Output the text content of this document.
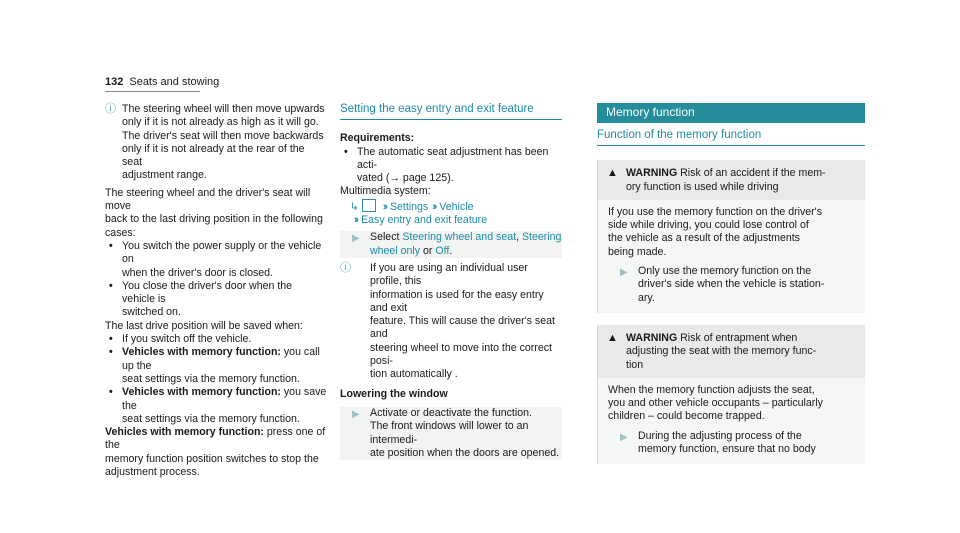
132 Seats and stowing
ⓘ The steering wheel will then move upwards

only if it is not already as high as it will go.

The driver's seat will then move backwards

only if it is not already at the rear of the seat

adjustment range.

The steering wheel and the driver's seat will move

back to the last driving position in the following

cases:

• You switch the power supply or the vehicle on

when the driver's door is closed.

• You close the driver's door when the vehicle is

switched on.

The last drive position will be saved when:

• If you switch off the vehicle.

• Vehicles with memory function: you call up the

seat settings via the memory function.

• Vehicles with memory function: you save the

seat settings via the memory function.

Vehicles with memory function: press one of the

memory function position switches to stop the

adjustment process.

Setting the easy entry and exit feature

Requirements:

• The automatic seat adjustment has been acti-

vated (→ page 125).

Multimedia system:

↳ ›› Settings ›› Vehicle

›› Easy entry and exit feature

▶ Select Steering wheel and seat, Steering

wheel only or Off.

ⓘ If you are using an individual user profile, this

information is used for the easy entry and exit

feature. This will cause the driver's seat and

steering wheel to move into the correct posi-

tion automatically .

Lowering the window

▶ Activate or deactivate the function.

The front windows will lower to an intermedi-

ate position when the doors are opened.

Memory function
Function of the memory function
▲ WARNING Risk of an accident if the mem-

ory function is used while driving

If you use the memory function on the driver's

side while driving, you could lose control of

the vehicle as a result of the adjustments

being made.

▶ Only use the memory function on the

driver's side when the vehicle is station-

ary.

▲ WARNING Risk of entrapment when

adjusting the seat with the memory func-

tion

When the memory function adjusts the seat,

you and other vehicle occupants – particularly

children – could become trapped.

▶ During the adjusting process of the

memory function, ensure that no body
